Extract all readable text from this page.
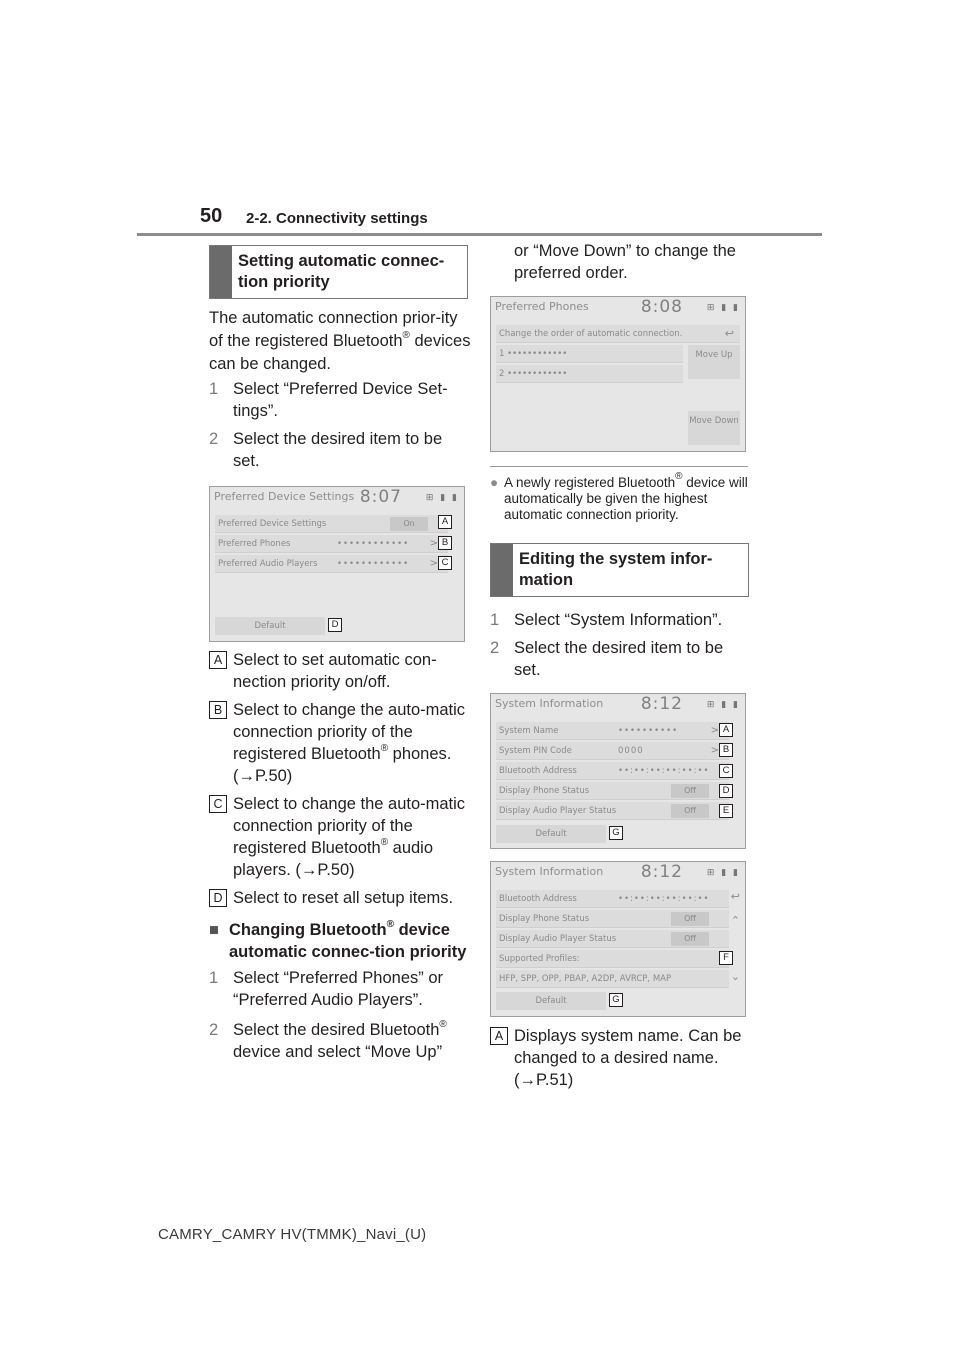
50 2-2. Connectivity settings
Setting automatic connec-tion priority
The automatic connection prior-ity of the registered Bluetooth® devices can be changed.
1 Select “Preferred Device Set-tings”.
2 Select the desired item to be set.
Preferred Device Settings 8:07	⊞ ▮ ▮
Preferred Device Settings	On
Preferred Phones	•••••••••••• >
Preferred Audio Players •••••••••••• >
Default
A
B
C
D
A Select to set automatic con-nection priority on/off.
B Select to change the auto-matic connection priority of the registered Bluetooth® phones. (→P.50)
C Select to change the auto-matic connection priority of the registered Bluetooth® audio players. (→P.50)
D Select to reset all setup items.
■ Changing Bluetooth® device automatic connec-tion priority
1 Select “Preferred Phones” or “Preferred Audio Players”.
2 Select the desired Bluetooth® device and select “Move Up”
or “Move Down” to change the preferred order.
Preferred Phones	8:08	⊞ ▮ ▮
Change the order of automatic connection.	↩
1 ••••••••••••
2 ••••••••••••
Move Up
Move Down
● A newly registered Bluetooth® device will automatically be given the highest automatic connection priority.
Editing the system infor-mation
1 Select “System Information”.
2 Select the desired item to be set.
System Information 8:12	⊞ ▮ ▮
System Name	••••••••••	>
System PIN Code	0000	>
Bluetooth Address	••:••:••:••:••:••
Display Phone Status	Off
Display Audio Player Status	Off
Default
A
B
C
D
E
G
System Information 8:12	⊞ ▮ ▮
Bluetooth Address	••:••:••:••:••:••
Display Phone Status	Off
Display Audio Player Status	Off
Supported Profiles:
HFP, SPP, OPP, PBAP, A2DP, AVRCP, MAP
↩
⌃
⌄
Default
F
G
A Displays system name. Can be changed to a desired name. (→P.51)
CAMRY_CAMRY HV(TMMK)_Navi_(U)
